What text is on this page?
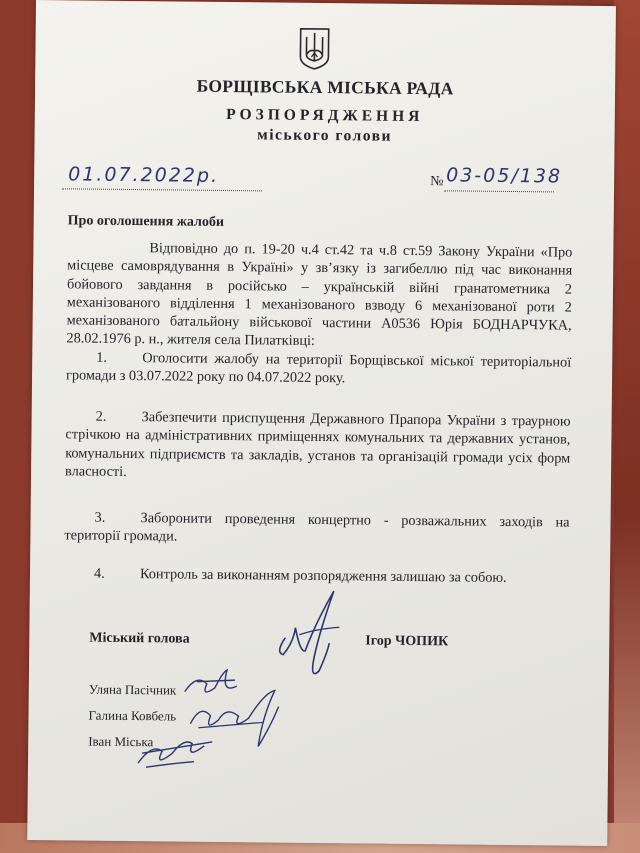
БОРЩІВСЬКА МІСЬКА РАДА
РОЗПОРЯДЖЕННЯ
міського голови
01.07.2022р.	№ 03-05/138
Про оголошення жалоби
Відповідно до п. 19-20 ч.4 ст.42 та ч.8 ст.59 Закону України «Про місцеве самоврядування в Україні» у зв’язку із загибеллю під час виконання бойового завдання в російсько – українській війні гранатометника 2 механізованого відділення 1 механізованого взводу 6 механізованої роти 2 механізованого батальйону військової частини А0536 Юрія БОДНАРЧУКА, 28.02.1976 р. н., жителя села Пилатківці:
1. Оголосити жалобу на території Борщівської міської територіальної громади з 03.07.2022 року по 04.07.2022 року.
2. Забезпечити приспущення Державного Прапора України з траурною стрічкою на адміністративних приміщеннях комунальних та державних установ, комунальних підприємств та закладів, установ та організацій громади усіх форм власності.
3. Заборонити проведення концертно - розважальних заходів на території громади.
4. Контроль за виконанням розпорядження залишаю за собою.
Міський голова	Ігор ЧОПИК
Уляна Пасічник
Галина Ковбель
Іван Міська
